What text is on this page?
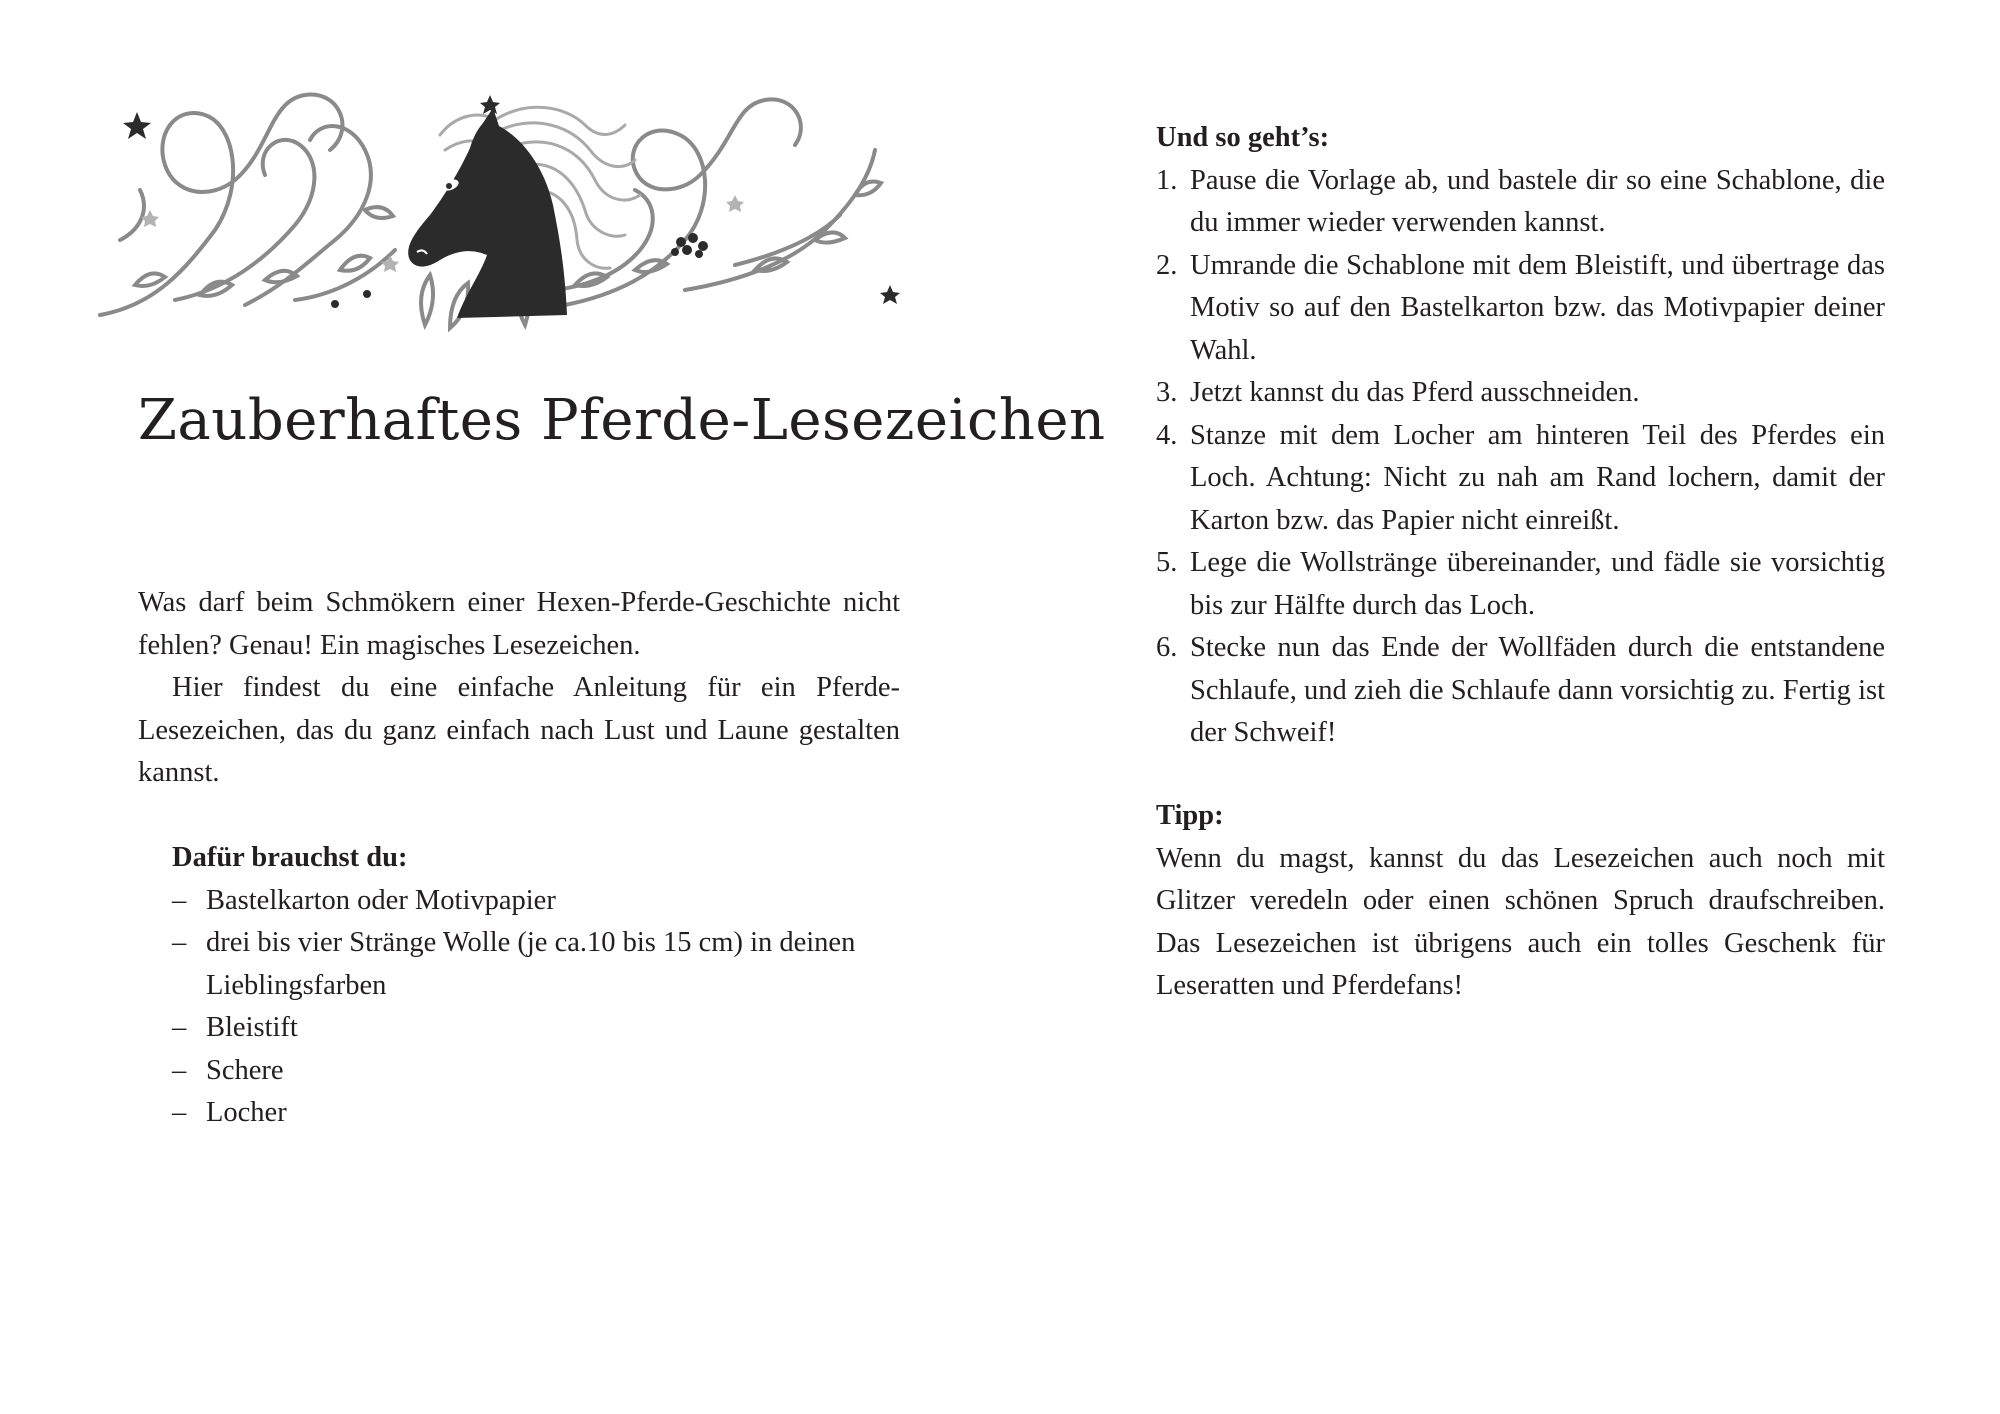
Zauberhaftes Pferde-Lesezeichen

Was darf beim Schmökern einer Hexen-Pferde-Geschichte nicht fehlen? Genau! Ein magisches Lesezeichen.

Hier findest du eine einfache Anleitung für ein Pferde-Lesezeichen, das du ganz einfach nach Lust und Laune gestalten kannst.

Dafür brauchst du:
– Bastelkarton oder Motivpapier
– drei bis vier Stränge Wolle (je ca.10 bis 15 cm) in deinen Lieblingsfarben
– Bleistift
– Schere
– Locher
Und so geht’s:
1. Pause die Vorlage ab, und bastele dir so eine Schablone, die du immer wieder verwenden kannst.
2. Umrande die Schablone mit dem Bleistift, und übertrage das Motiv so auf den Bastelkarton bzw. das Motivpapier deiner Wahl.
3. Jetzt kannst du das Pferd ausschneiden.
4. Stanze mit dem Locher am hinteren Teil des Pferdes ein Loch. Achtung: Nicht zu nah am Rand lochern, damit der Karton bzw. das Papier nicht einreißt.
5. Lege die Wollstränge übereinander, und fädle sie vorsichtig bis zur Hälfte durch das Loch.
6. Stecke nun das Ende der Wollfäden durch die entstandene Schlaufe, und zieh die Schlaufe dann vorsichtig zu. Fertig ist der Schweif!
Tipp:

Wenn du magst, kannst du das Lesezeichen auch noch mit Glitzer veredeln oder einen schönen Spruch draufschreiben. Das Lesezeichen ist übrigens auch ein tolles Geschenk für Leseratten und Pferdefans!
